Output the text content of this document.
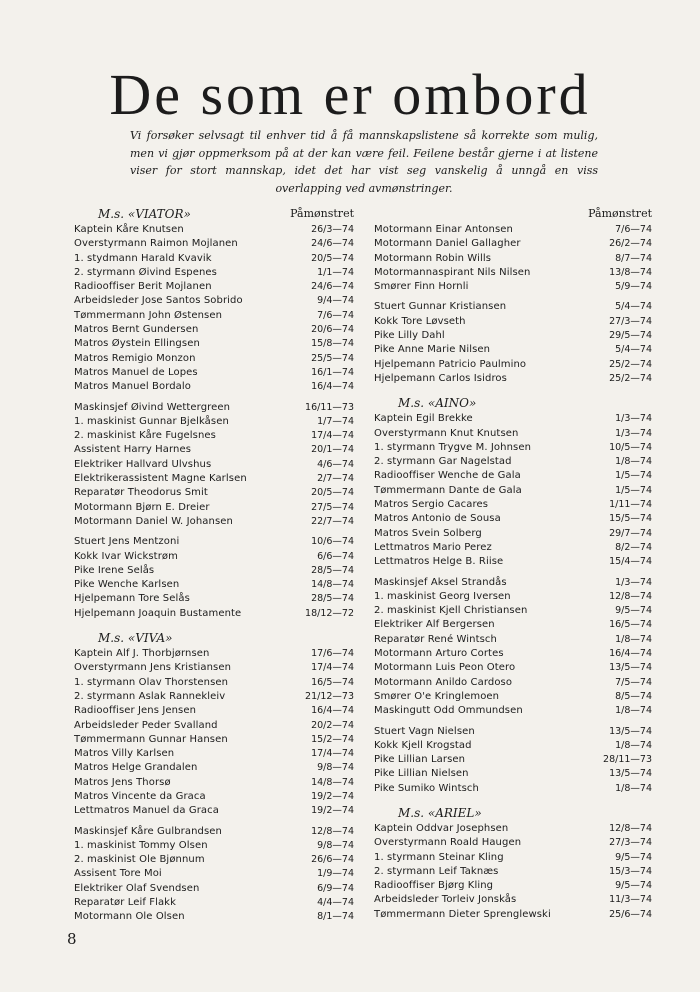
De som er ombord

Vi forsøker selvsagt til enhver tid å få mannskapslistene så korrekte som mulig, men vi gjør oppmerksom på at der kan være feil. Feilene består gjerne i at listene viser for stort mannskap, idet det har vist seg vanskelig å unngå en viss overlapping ved avmønstringer.

M.s. «VIATOR»	Påmønstret
Kaptein Kåre Knutsen	26/3—74
Overstyrmann Raimon Mojlanen	24/6—74
1. stydmann Harald Kvavik	20/5—74
2. styrmann Øivind Espenes	1/1—74
Radiooffiser Berit Mojlanen	24/6—74
Arbeidsleder Jose Santos Sobrido	9/4—74
Tømmermann John Østensen	7/6—74
Matros Bernt Gundersen	20/6—74
Matros Øystein Ellingsen	15/8—74
Matros Remigio Monzon	25/5—74
Matros Manuel de Lopes	16/1—74
Matros Manuel Bordalo	16/4—74
Maskinsjef Øivind Wettergreen	16/11—73
1. maskinist Gunnar Bjelkåsen	1/7—74
2. maskinist Kåre Fugelsnes	17/4—74
Assistent Harry Harnes	20/1—74
Elektriker Hallvard Ulvshus	4/6—74
Elektrikerassistent Magne Karlsen	2/7—74
Reparatør Theodorus Smit	20/5—74
Motormann Bjørn E. Dreier	27/5—74
Motormann Daniel W. Johansen	22/7—74
Stuert Jens Mentzoni	10/6—74
Kokk Ivar Wickstrøm	6/6—74
Pike Irene Selås	28/5—74
Pike Wenche Karlsen	14/8—74
Hjelpemann Tore Selås	28/5—74
Hjelpemann Joaquin Bustamente	18/12—72
M.s. «VIVA»
Kaptein Alf J. Thorbjørnsen	17/6—74
Overstyrmann Jens Kristiansen	17/4—74
1. styrmann Olav Thorstensen	16/5—74
2. styrmann Aslak Rannekleiv	21/12—73
Radiooffiser Jens Jensen	16/4—74
Arbeidsleder Peder Svalland	20/2—74
Tømmermann Gunnar Hansen	15/2—74
Matros Villy Karlsen	17/4—74
Matros Helge Grandalen	9/8—74
Matros Jens Thorsø	14/8—74
Matros Vincente da Graca	19/2—74
Lettmatros Manuel da Graca	19/2—74
Maskinsjef Kåre Gulbrandsen	12/8—74
1. maskinist Tommy Olsen	9/8—74
2. maskinist Ole Bjønnum	26/6—74
Assisent Tore Moi	1/9—74
Elektriker Olaf Svendsen	6/9—74
Reparatør Leif Flakk	4/4—74
Motormann Ole Olsen	8/1—74
Påmønstret
Motormann Einar Antonsen	7/6—74
Motormann Daniel Gallagher	26/2—74
Motormann Robin Wills	8/7—74
Motormannaspirant Nils Nilsen	13/8—74
Smører Finn Hornli	5/9—74
Stuert Gunnar Kristiansen	5/4—74
Kokk Tore Løvseth	27/3—74
Pike Lilly Dahl	29/5—74
Pike Anne Marie Nilsen	5/4—74
Hjelpemann Patricio Paulmino	25/2—74
Hjelpemann Carlos Isidros	25/2—74
M.s. «AINO»
Kaptein Egil Brekke	1/3—74
Overstyrmann Knut Knutsen	1/3—74
1. styrmann Trygve M. Johnsen	10/5—74
2. styrmann Gar Nagelstad	1/8—74
Radiooffiser Wenche de Gala	1/5—74
Tømmermann Dante de Gala	1/5—74
Matros Sergio Cacares	1/11—74
Matros Antonio de Sousa	15/5—74
Matros Svein Solberg	29/7—74
Lettmatros Mario Perez	8/2—74
Lettmatros Helge B. Riise	15/4—74
Maskinsjef Aksel Strandås	1/3—74
1. maskinist Georg Iversen	12/8—74
2. maskinist Kjell Christiansen	9/5—74
Elektriker Alf Bergersen	16/5—74
Reparatør René Wintsch	1/8—74
Motormann Arturo Cortes	16/4—74
Motormann Luis Peon Otero	13/5—74
Motormann Anildo Cardoso	7/5—74
Smører O'e Kringlemoen	8/5—74
Maskingutt Odd Ommundsen	1/8—74
Stuert Vagn Nielsen	13/5—74
Kokk Kjell Krogstad	1/8—74
Pike Lillian Larsen	28/11—73
Pike Lillian Nielsen	13/5—74
Pike Sumiko Wintsch	1/8—74
M.s. «ARIEL»
Kaptein Oddvar Josephsen	12/8—74
Overstyrmann Roald Haugen	27/3—74
1. styrmann Steinar Kling	9/5—74
2. styrmann Leif Taknæs	15/3—74
Radiooffiser Bjørg Kling	9/5—74
Arbeidsleder Torleiv Jonskås	11/3—74
Tømmermann Dieter Sprenglewski	25/6—74
8
